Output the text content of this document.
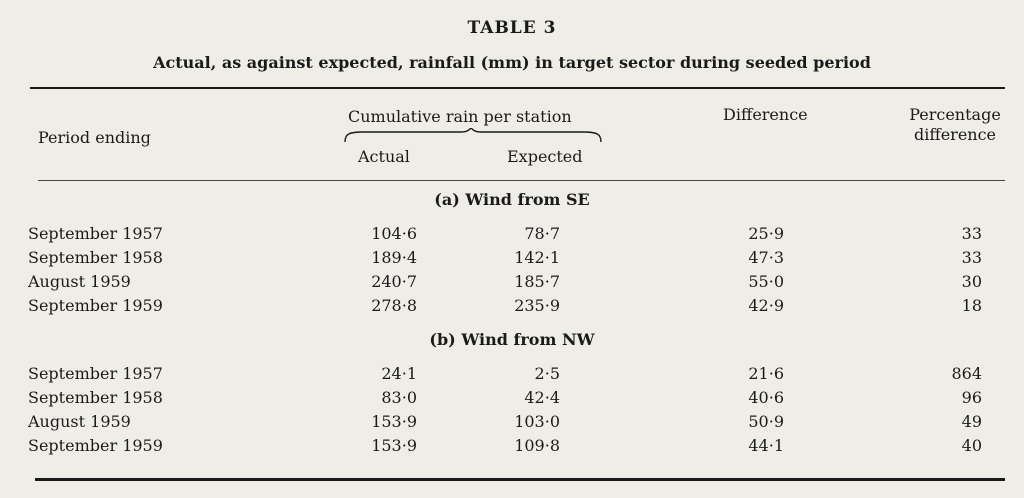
TABLE 3
Actual, as against expected, rainfall (mm) in target sector during seeded period
Period ending
Cumulative rain per station
Actual	Expected
Difference	Percentage
difference
(a) Wind from SE
September 1957	104·6	78·7	25·9	33
September 1958	189·4	142·1	47·3	33
August 1959	240·7	185·7	55·0	30
September 1959	278·8	235·9	42·9	18
(b) Wind from NW
September 1957	24·1	2·5	21·6	864
September 1958	83·0	42·4	40·6	96
August 1959	153·9	103·0	50·9	49
September 1959	153·9	109·8	44·1	40
